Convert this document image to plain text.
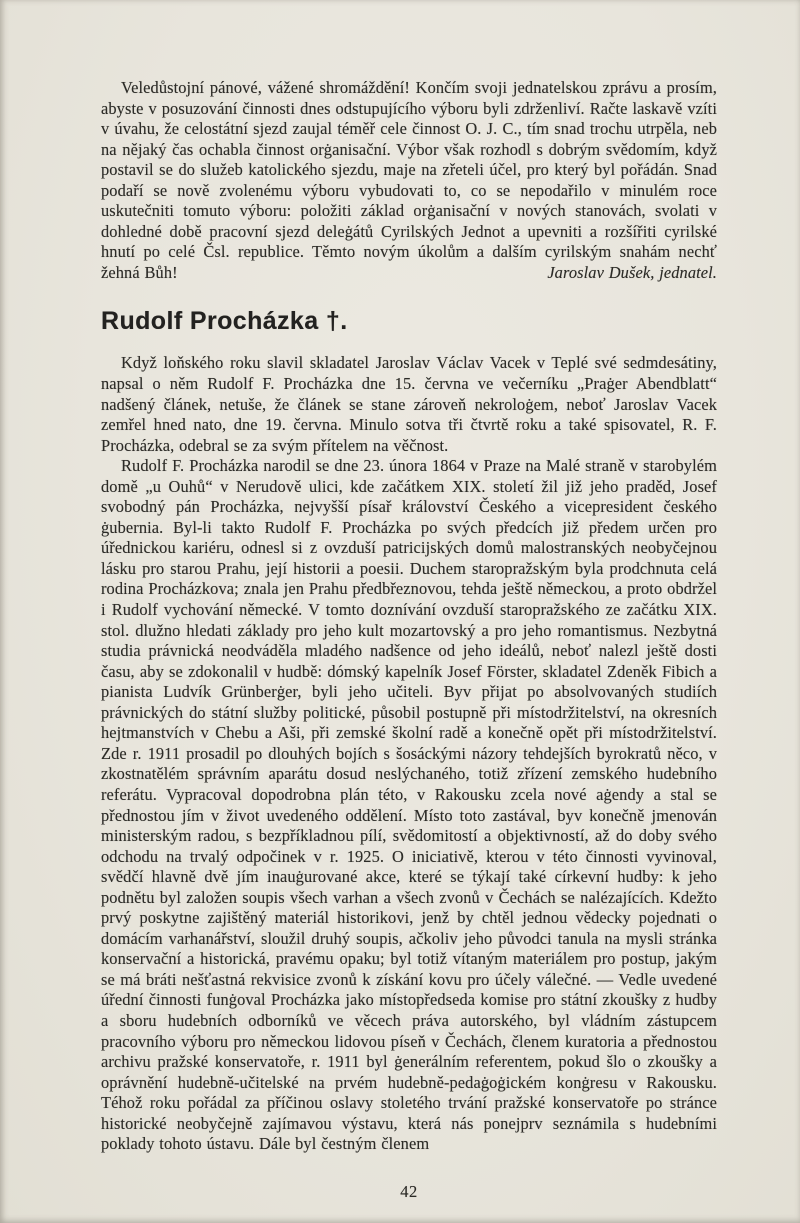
Veledůstojní pánové, vážené shromáždění! Končím svoji jednatelskou zprávu a prosím, abyste v posuzování činnosti dnes odstupujícího výboru byli zdrženliví. Račte laskavě vzíti v úvahu, že celostátní sjezd zaujal téměř cele činnost O. J. C., tím snad trochu utrpěla, neb na nějaký čas ochabla činnost orġanisační. Výbor však rozhodl s dobrým svědomím, když postavil se do služeb katolického sjezdu, maje na zřeteli účel, pro který byl pořádán. Snad podaří se nově zvolenému výboru vybudovati to, co se nepodařilo v minulém roce uskutečniti tomuto výboru: položiti základ orġanisační v nových stanovách, svolati v dohledné době pracovní sjezd deleġátů Cyrilských Jednot a upevniti a rozšířiti cyrilské hnutí po celé Čsl. republice. Těmto novým úkolům a dalším cyrilským snahám nechť žehná Bůh!	Jaroslav Dušek, jednatel.

Rudolf Procházka †.

Když loňského roku slavil skladatel Jaroslav Václav Vacek v Teplé své sedmdesátiny, napsal o něm Rudolf F. Procházka dne 15. června ve večerníku „Praġer Abendblatt“ nadšený článek, netuše, že článek se stane zároveň nekroloġem, neboť Jaroslav Vacek zemřel hned nato, dne 19. června. Minulo sotva tři čtvrtě roku a také spisovatel, R. F. Procházka, odebral se za svým přítelem na věčnost.

Rudolf F. Procházka narodil se dne 23. února 1864 v Praze na Malé straně v starobylém domě „u Ouhů“ v Nerudově ulici, kde začátkem XIX. století žil již jeho praděd, Josef svobodný pán Procházka, nejvyšší písař království Českého a vicepresident českého ġubernia. Byl-li takto Rudolf F. Procházka po svých předcích již předem určen pro úřednickou kariéru, odnesl si z ovzduší patricijských domů malostranských neobyčejnou lásku pro starou Prahu, její historii a poesii. Duchem staropražským byla prodchnuta celá rodina Procházkova; znala jen Prahu předbřeznovou, tehda ještě německou, a proto obdržel i Rudolf vychování německé. V tomto doznívání ovzduší staropražského ze začátku XIX. stol. dlužno hledati základy pro jeho kult mozartovský a pro jeho romantismus. Nezbytná studia právnická neodváděla mladého nadšence od jeho ideálů, neboť nalezl ještě dosti času, aby se zdokonalil v hudbě: dómský kapelník Josef Förster, skladatel Zdeněk Fibich a pianista Ludvík Grünberġer, byli jeho učiteli. Byv přijat po absolvovaných studiích právnických do státní služby politické, působil postupně při místodržitelství, na okresních hejtmanstvích v Chebu a Aši, při zemské školní radě a konečně opět při místodržitelství. Zde r. 1911 prosadil po dlouhých bojích s šosáckými názory tehdejších byrokratů něco, v zkostnatělém správním aparátu dosud neslýchaného, totiž zřízení zemského hudebního referátu. Vypracoval dopodrobna plán této, v Rakousku zcela nové aġendy a stal se přednostou jím v život uvedeného oddělení. Místo toto zastával, byv konečně jmenován ministerským radou, s bezpříkladnou pílí, svědomitostí a objektivností, až do doby svého odchodu na trvalý odpočinek v r. 1925. O iniciativě, kterou v této činnosti vyvinoval, svědčí hlavně dvě jím inauġurované akce, které se týkají také církevní hudby: k jeho podnětu byl založen soupis všech varhan a všech zvonů v Čechách se nalézajících. Kdežto prvý poskytne zajištěný materiál historikovi, jenž by chtěl jednou vědecky pojednati o domácím varhanářství, sloužil druhý soupis, ačkoliv jeho původci tanula na mysli stránka konservační a historická, pravému opaku; byl totiž vítaným materiálem pro postup, jakým se má bráti nešťastná rekvisice zvonů k získání kovu pro účely válečné. — Vedle uvedené úřední činnosti funġoval Procházka jako místopředseda komise pro státní zkoušky z hudby a sboru hudebních odborníků ve věcech práva autorského, byl vládním zástupcem pracovního výboru pro německou lidovou píseň v Čechách, členem kuratoria a přednostou archivu pražské konservatoře, r. 1911 byl ġenerálním referentem, pokud šlo o zkoušky a oprávnění hudebně-učitelské na prvém hudebně-pedaġoġickém konġresu v Rakousku. Téhož roku pořádal za příčinou oslavy stoletého trvání pražské konservatoře po stránce historické neobyčejně zajímavou výstavu, která nás ponejprv seznámila s hudebními poklady tohoto ústavu. Dále byl čestným členem

42
